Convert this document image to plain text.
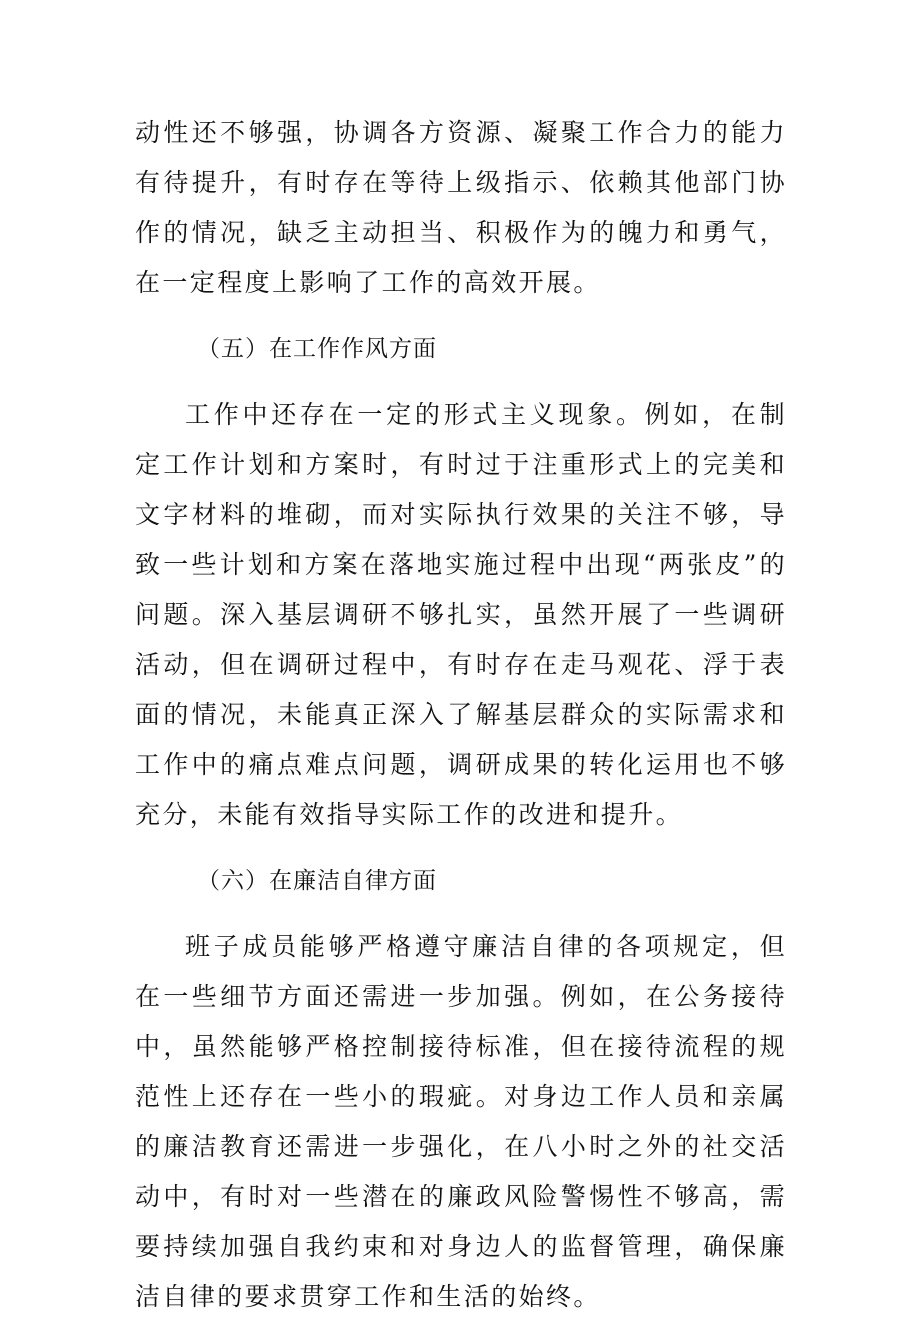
动性还不够强，协调各方资源、凝聚工作合力的能力有待提升，有时存在等待上级指示、依赖其他部门协作的情况，缺乏主动担当、积极作为的魄力和勇气，在一定程度上影响了工作的高效开展。

（五）在工作作风方面

工作中还存在一定的形式主义现象。例如，在制定工作计划和方案时，有时过于注重形式上的完美和文字材料的堆砌，而对实际执行效果的关注不够，导致一些计划和方案在落地实施过程中出现“两张皮”的问题。深入基层调研不够扎实，虽然开展了一些调研活动，但在调研过程中，有时存在走马观花、浮于表面的情况，未能真正深入了解基层群众的实际需求和工作中的痛点难点问题，调研成果的转化运用也不够充分，未能有效指导实际工作的改进和提升。

（六）在廉洁自律方面

班子成员能够严格遵守廉洁自律的各项规定，但在一些细节方面还需进一步加强。例如，在公务接待中，虽然能够严格控制接待标准，但在接待流程的规范性上还存在一些小的瑕疵。对身边工作人员和亲属的廉洁教育还需进一步强化，在八小时之外的社交活动中，有时对一些潜在的廉政风险警惕性不够高，需要持续加强自我约束和对身边人的监督管理，确保廉洁自律的要求贯穿工作和生活的始终。
